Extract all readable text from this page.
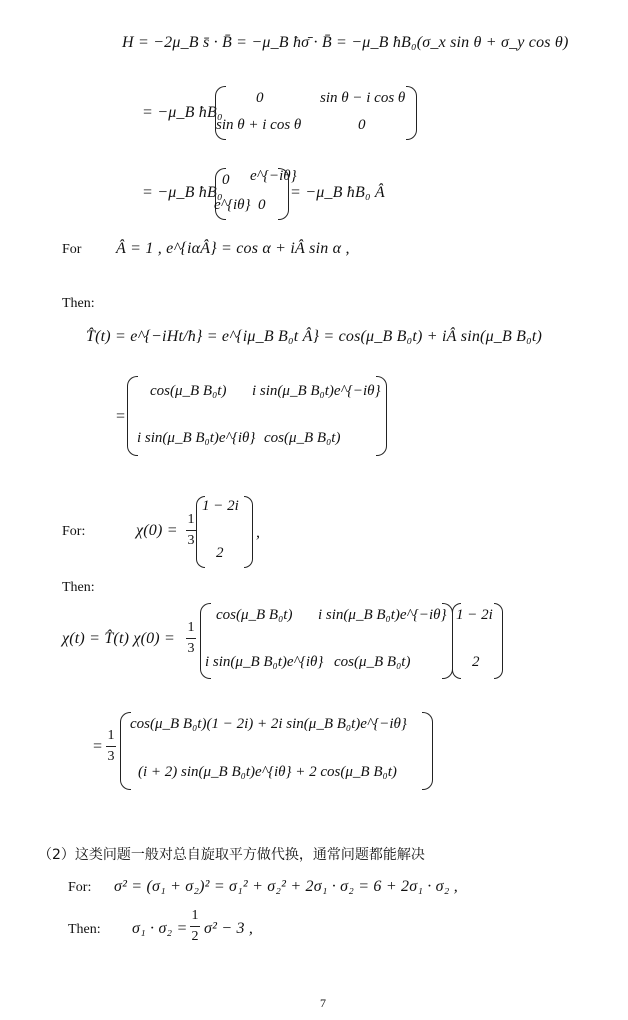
H = −2μ_B s̄ · B̄ = −μ_B ħσ̄ · B̄ = −μ_B ħB₀(σ_x sin θ + σ_y cos θ)
= −μ_B ħB₀
0	sin θ − i cos θ
sin θ + i cos θ	0
= −μ_B ħB₀
0 e^{−iθ}
e^{iθ} 0
= −μ_B ħB₀ Â
For Â = 1 , e^{iαÂ} = cos α + iÂ sin α ,
Then:
T̂(t) = e^{−iHt/ħ} = e^{iμ_B B₀t Â} = cos(μ_B B₀t) + iÂ sin(μ_B B₀t)
=
cos(μ_B B₀t) i sin(μ_B B₀t)e^{−iθ}
i sin(μ_B B₀t)e^{iθ} cos(μ_B B₀t)
For:	χ(0) =
1
3
1 − 2i
2
,
Then:
χ(t) = T̂(t) χ(0) =
1
3
cos(μ_B B₀t) i sin(μ_B B₀t)e^{−iθ}
i sin(μ_B B₀t)e^{iθ} cos(μ_B B₀t)
1 − 2i
2
=
1
3
cos(μ_B B₀t)(1 − 2i) + 2i sin(μ_B B₀t)e^{−iθ}
(i + 2) sin(μ_B B₀t)e^{iθ} + 2 cos(μ_B B₀t)
（2）这类问题一般对总自旋取平方做代换，通常问题都能解决
For: σ² = (σ₁ + σ₂)² = σ₁² + σ₂² + 2σ₁ · σ₂ = 6 + 2σ₁ · σ₂ ,
Then: σ₁ · σ₂ =
1
2 σ² − 3 ,
7
